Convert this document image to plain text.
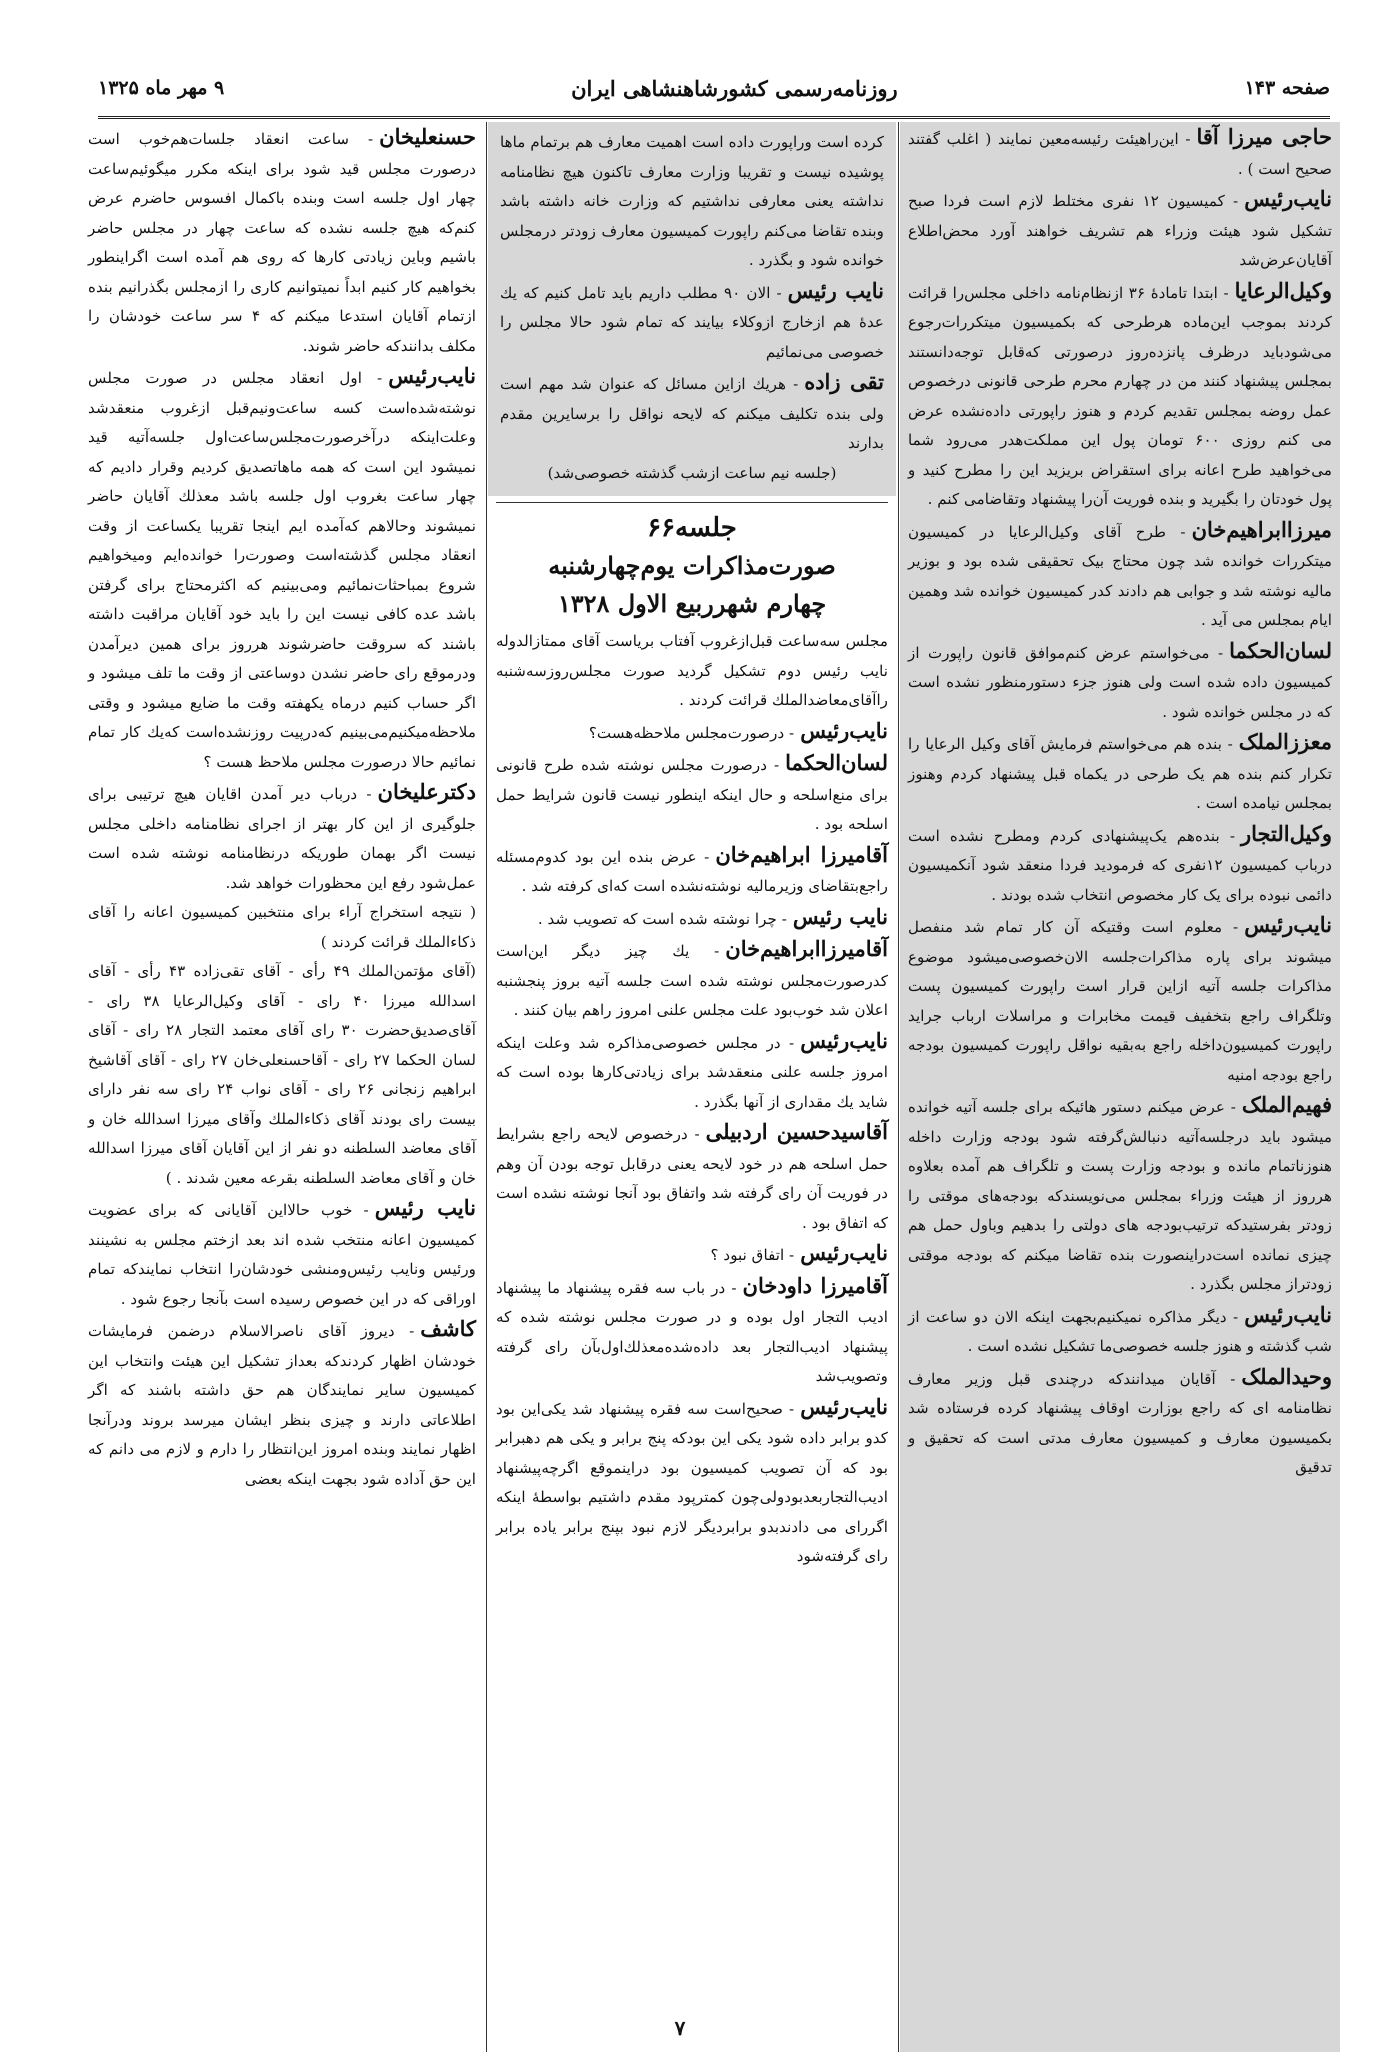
صفحه ۱۴۳
روزنامه‌رسمی کشورشاهنشاهی ایران
۹ مهر ماه ۱۳۲۵

حاجی میرزا آقا- این‌راهیئت رئیسه‌معین نمایند ( اغلب گفتند صحیح است ) .

نایب‌رئیس- کمیسیون ۱۲ نفری مختلط لازم است فردا صبح تشکیل شود هیئت وزراء هم تشریف خواهند آورد محض‌اطلاع آقایان‌عرض‌شد

وکیل‌الرعایا- ابتدا تامادۀ ۳۶ ازنظام‌نامه داخلی مجلس‌را قرائت کردند بموجب این‌ماده هرطرحی که بکمیسیون میتکررات‌رجوع می‌شودباید درظرف پانزده‌روز درصورتی که‌قابل توجه‌دانستند بمجلس پیشنهاد کنند من در چهارم محرم طرحی قانونی درخصوص عمل روضه بمجلس تقدیم کردم و هنوز راپورتی داده‌نشده عرض می کنم روزی ۶۰۰ تومان پول این مملکت‌هدر می‌رود شما می‌خواهید طرح اعانه برای استقراض بریزید این را مطرح کنید و پول خودتان را بگیرید و بنده فوریت آن‌را پیشنهاد وتقاضامی کنم .

میرزاابراهیم‌خان- طرح آقای وکیل‌الرعایا در کمیسیون میتکررات خوانده شد چون محتاج بیک تحقیقی شده بود و بوزیر مالیه نوشته شد و جوابی هم دادند کدر کمیسیون خوانده شد وهمین ایام بمجلس می آید .

لسان‌الحکما- می‌خواستم عرض کنم‌موافق قانون راپورت از کمیسیون داده شده است ولی هنوز جزء دستورمنظور نشده است که در مجلس خوانده شود .

معززالملک- بنده هم می‌خواستم فرمایش آقای وکیل الرعایا را تکرار کنم بنده هم یک طرحی در یکماه قبل پیشنهاد کردم وهنوز بمجلس نیامده است .

وکیل‌التجار- بنده‌هم یک‌پیشنهادی کردم ومطرح نشده است درباب کمیسیون ۱۲نفری که فرمودید فردا منعقد شود آنکمیسیون دائمی نبوده برای یک کار مخصوص انتخاب شده بودند .

نایب‌رئیس- معلوم است وقتیکه آن کار تمام شد منفصل میشوند برای پاره مذاکرات‌جلسه الان‌خصوصی‌میشود موضوع مذاکرات جلسه آتیه ازاین قرار است راپورت کمیسیون پست وتلگراف راجع بتخفیف قیمت مخابرات و مراسلات ارباب جراید راپورت کمیسیون‌داخله راجع به‌بقیه نواقل راپورت کمیسیون بودجه راجع بودجه امنیه

فهیم‌الملک- عرض میکنم دستور هائیکه برای جلسه آتیه خوانده میشود باید درجلسه‌آتیه دنبالش‌گرفته شود بودجه وزارت داخله هنوزناتمام مانده و بودجه وزارت پست و تلگراف هم آمده بعلاوه هرروز از هیئت وزراء بمجلس می‌نویسندکه بودجه‌های موقتی را زودتر بفرستیدکه ترتیب‌بودجه های دولتی را بدهیم وباول حمل هم چیزی نمانده است‌دراینصورت بنده تقاضا میکنم که بودجه موقتی زودتراز مجلس بگذرد .

نایب‌رئیس- دیگر مذاکره نمیکنیم‌بجهت اینکه الان دو ساعت از شب گذشته و هنوز جلسه خصوصی‌ما تشکیل نشده است .

وحیدالملک- آقایان میدانندکه درچندی قبل وزیر معارف نظامنامه ای که راجع بوزارت اوقاف پیشنهاد کرده فرستاده شد بکمیسیون معارف و کمیسیون معارف مدتی است که تحقیق و تدقیق

کرده است وراپورت داده است اهمیت معارف هم برتمام ماها پوشیده نیست و تقریبا وزارت معارف تاکنون هیچ نظامنامه نداشته یعنی معارفی نداشتیم که وزارت خانه داشته باشد وبنده تقاضا می‌کنم راپورت کمیسیون معارف زودتر درمجلس خوانده شود و بگذرد .

نایب رئیس- الان ۹۰ مطلب داریم باید تامل کنیم که یك عده‌ٔ هم ازخارج ازوکلاء بیایند که تمام شود حالا مجلس را خصوصی می‌نمائیم

تقی زاده- هریك ازاین مسائل که عنوان شد مهم است ولی بنده تکلیف میکنم که لایحه نواقل را برسایرین مقدم بدارند

(جلسه نیم ساعت ازشب گذشته خصوصی‌شد)

جلسه۶۶
صورت‌مذاکرات یوم‌چهارشنبه
چهارم شهرربیع الاول ۱۳۲۸

مجلس سه‌ساعت قبل‌ازغروب آفتاب بریاست آقای ممتازالدوله نایب رئیس دوم تشکیل گردید صورت مجلس‌روزسه‌شنبه راآقای‌معاضدالملك قرائت کردند .

نایب‌رئیس- درصورت‌مجلس ملاحظه‌هست؟

لسان‌الحکما- درصورت مجلس نوشته شده طرح قانونی برای منع‌اسلحه و حال اینکه اینطور نیست قانون شرایط حمل اسلحه بود .

آقامیرزا ابراهیم‌خان- عرض بنده این بود کدوم‌مسئله راجع‌بتقاضای وزیرمالیه نوشته‌نشده است که‌ای کرفته شد .

نایب رئیس- چرا نوشته شده است که تصویب شد .

آقامیرزاابراهیم‌خان- یك چیز دیگر این‌است کدرصورت‌مجلس نوشته شده است جلسه آتیه بروز پنجشنبه اعلان شد خوب‌بود علت مجلس علنی امروز راهم بیان کنند .

نایب‌رئیس- در مجلس خصوصی‌مذاکره شد وعلت اینکه امروز جلسه علنی منعقدشد برای زیادتی‌کارها بوده است که شاید یك مقداری از آنها بگذرد .

آقاسیدحسین اردبیلی- درخصوص لایحه راجع بشرایط حمل اسلحه هم در خود لایحه یعنی درقابل توجه بودن آن وهم در فوریت آن رای گرفته شد واتفاق بود آنجا نوشته نشده است که اتفاق بود .

نایب‌رئیس- اتفاق نبود ؟

آقامیرزا داودخان- در باب سه فقره پیشنهاد ما پیشنهاد ادیب التجار اول بوده و در صورت مجلس نوشته شده که پیشنهاد ادیب‌التجار بعد داده‌شده‌معذلك‌اول‌بآن رای گرفته وتصویب‌شد

نایب‌رئیس- صحیح‌است سه فقره پیشنهاد شد یکی‌این بود کدو برابر داده شود یکی این بودکه پنج برابر و یکی هم دهبرابر بود که آن تصویب کمیسیون بود دراینموقع اگرچه‌پیشنهاد ادیب‌التجاربعدبودولی‌چون کمترپود مقدم داشتیم بواسطهٔ اینکه اگررای می دادندبدو برابردیگر لازم نبود بپنج برابر یاده برابر رای گرفته‌شود

حسنعلیخان- ساعت انعقاد جلسات‌هم‌خوب است درصورت مجلس قید شود برای اینکه مکرر میگوئیم‌ساعت چهار اول جلسه است وبنده باکمال افسوس حاضرم عرض کنم‌که هیچ جلسه نشده که ساعت چهار در مجلس حاضر باشیم وباین زیادتی کارها که روی هم آمده است اگراینطور بخواهیم کار کنیم ابداً نمیتوانیم کاری را ازمجلس بگذرانیم بنده ازتمام آقایان استدعا میکنم که ۴ سر ساعت خودشان را مکلف بدانندکه حاضر شوند.

نایب‌رئیس- اول انعقاد مجلس در صورت مجلس نوشته‌شده‌است کسه ساعت‌ونیم‌قبل ازغروب منعقدشد وعلت‌اینکه درآخرصورت‌مجلس‌ساعت‌اول جلسه‌آتیه قید نمیشود این است که همه ماهاتصدیق کردیم وقرار دادیم که چهار ساعت بغروب اول جلسه باشد معذلك آقایان حاضر نمیشوند وحالاهم که‌آمده ایم اینجا تقریبا یکساعت از وقت انعقاد مجلس گذشته‌است وصورت‌را خوانده‌ایم ومیخواهیم شروع بمباحثات‌نمائیم ومی‌بینیم که اکثرمحتاج برای گرفتن باشد عده کافی نیست این را باید خود آقایان مراقبت داشته باشند که سروقت حاضرشوند هرروز برای همین دیرآمدن ودرموقع رای حاضر نشدن دوساعتی از وقت ما تلف میشود و اگر حساب کنیم درماه یکهفته وقت ما ضایع میشود و وقتی ملاحظه‌میکنیم‌می‌بینیم که‌درپیت روزنشده‌است که‌یك کار تمام نمائیم حالا درصورت مجلس ملاحظ هست ؟

دکترعلیخان- درباب دیر آمدن اقایان هیچ ترتیبی برای جلوگیری از این کار بهتر از اجرای نظامنامه داخلی مجلس نیست اگر بهمان طوریکه درنظامنامه نوشته شده است عمل‌شود رفع این محظورات خواهد شد.

( نتیجه استخراج آراء برای منتخبین کمیسیون اعانه را آقای ذکاءالملك قرائت کردند )

(آقای مؤتمن‌الملك ۴۹ رأی - آقای تقی‌زاده ۴۳ رأی - آقای اسدالله میرزا ۴۰ رای - آقای وکیل‌الرعایا ۳۸ رای - آقای‌صدیق‌حضرت ۳۰ رای آقای معتمد التجار ۲۸ رای - آقای لسان الحکما ۲۷ رای - آقاحسنعلی‌خان ۲۷ رای - آقای آقاشیخ ابراهیم زنجانی ۲۶ رای - آقای نواب ۲۴ رای سه نفر دارای بیست رای بودند آقای ذکاءالملك وآقای میرزا اسدالله خان و آقای معاضد السلطنه دو نفر از این آقایان آقای میرزا اسدالله خان و آقای معاضد السلطنه بقرعه معین شدند . )

نایب رئیس- خوب حالااین آقایانی که برای عضویت کمیسیون اعانه منتخب شده اند بعد ازختم مجلس به نشینند ورئیس ونایب رئیس‌ومنشی خودشان‌را انتخاب نمایندکه تمام اوراقی که در این خصوص رسیده است بآنجا رجوع شود .

کاشف- دیروز آقای ناصرالاسلام درضمن فرمایشات خودشان اظهار کردندکه بعداز تشکیل این هیئت وانتخاب این کمیسیون سایر نمایندگان هم حق داشته باشند که اگر اطلاعاتی دارند و چیزی بنظر ایشان میرسد بروند ودرآنجا اظهار نمایند وبنده امروز این‌انتظار را دارم و لازم می دانم که این حق آداده شود بجهت اینکه بعضی

۷
